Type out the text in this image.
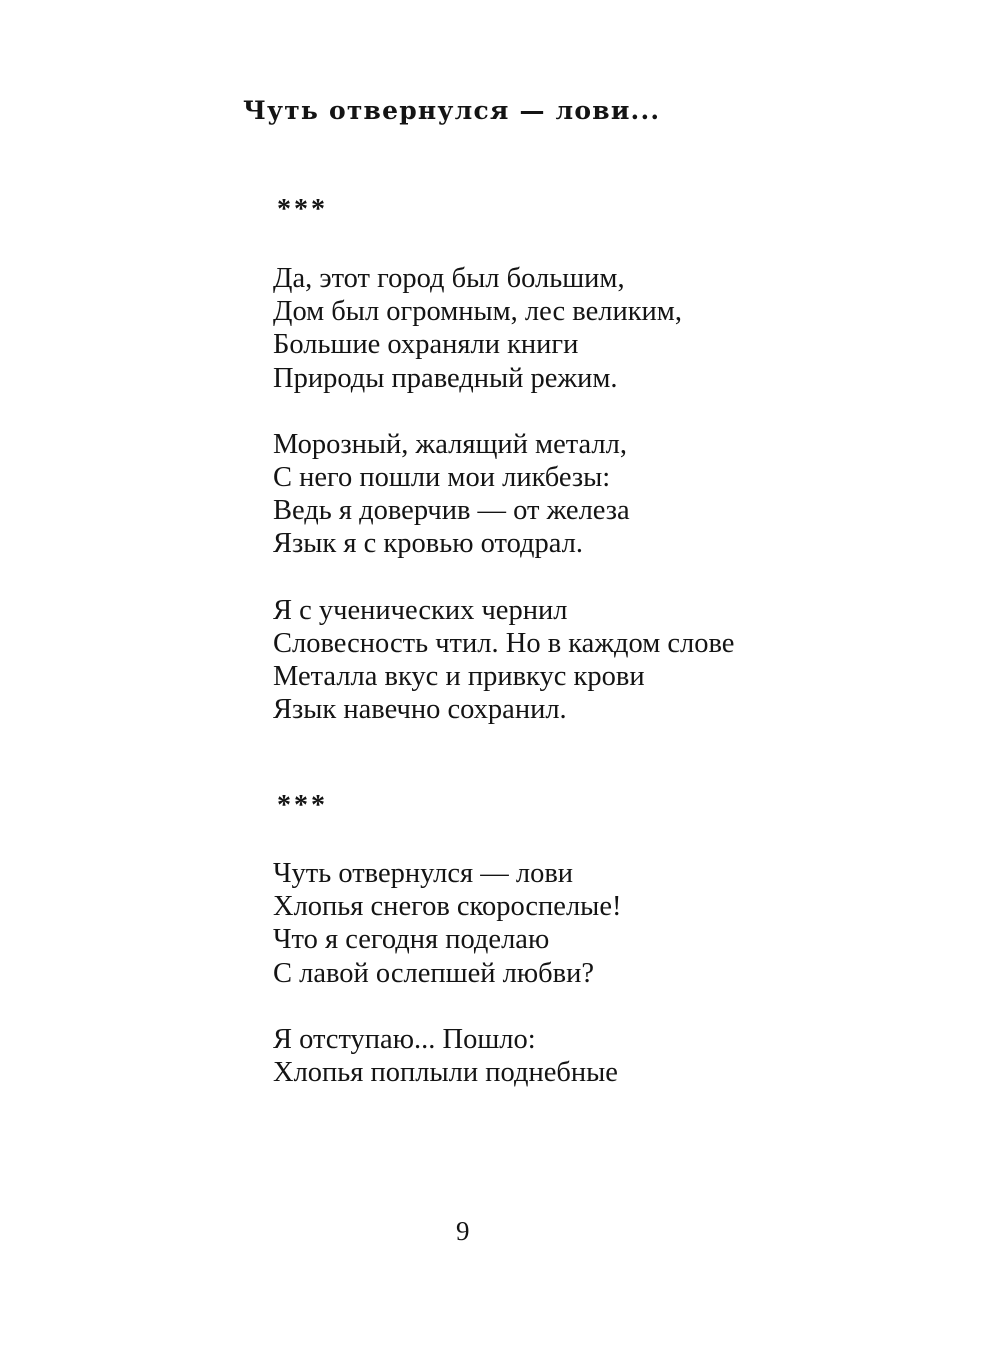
Чуть отвернулся — лови...
***

Да, этот город был большим,
Дом был огромным, лес великим,
Большие охраняли книги
Природы праведный режим.

Морозный, жалящий металл,
С него пошли мои ликбезы:
Ведь я доверчив — от железа
Язык я с кровью отодрал.

Я с ученических чернил
Словесность чтил. Но в каждом слове
Металла вкус и привкус крови
Язык навечно сохранил.

***

Чуть отвернулся — лови
Хлопья снегов скороспелые!
Что я сегодня поделаю
С лавой ослепшей любви?

Я отступаю... Пошло:
Хлопья поплыли поднебные

9
